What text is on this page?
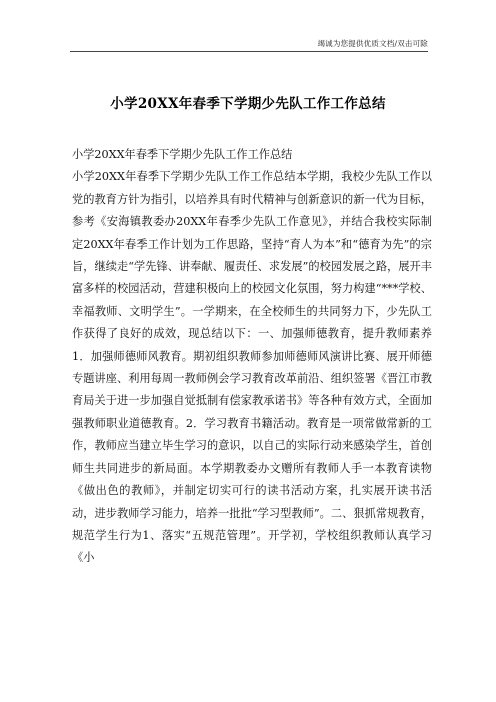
竭诚为您提供优质文档/双击可除
小学20XX年春季下学期少先队工作工作总结

小学20XX年春季下学期少先队工作工作总结

小学20XX年春季下学期少先队工作工作总结本学期，我校少先队工作以党的教育方针为指引，以培养具有时代精神与创新意识的新一代为目标，参考《安海镇教委办20XX年春季少先队工作意见》，并结合我校实际制定20XX年春季工作计划为工作思路，坚持“育人为本”和“德育为先”的宗旨，继续走“学先锋、讲奉献、履责任、求发展”的校园发展之路，展开丰富多样的校园活动，营建积极向上的校园文化氛围，努力构建“***学校、幸福教师、文明学生”。一学期来，在全校师生的共同努力下，少先队工作获得了良好的成效，现总结以下：一、加强师德教育，提升教师素养1．加强师德师风教育。期初组织教师参加师德师风演讲比赛、展开师德专题讲座、利用每周一教师例会学习教育改革前沿、组织签署《晋江市教育局关于进一步加强自觉抵制有偿家教承诺书》等各种有效方式，全面加强教师职业道德教育。2．学习教育书籍活动。教育是一项常做常新的工作，教师应当建立毕生学习的意识，以自己的实际行动来感染学生，首创师生共同进步的新局面。本学期教委办文赠所有教师人手一本教育读物《做出色的教师》，并制定切实可行的读书活动方案，扎实展开读书活动，进步教师学习能力，培养一批批“学习型教师”。二、狠抓常规教育，规范学生行为1、落实“五规范管理”。开学初，学校组织教师认真学习《小
